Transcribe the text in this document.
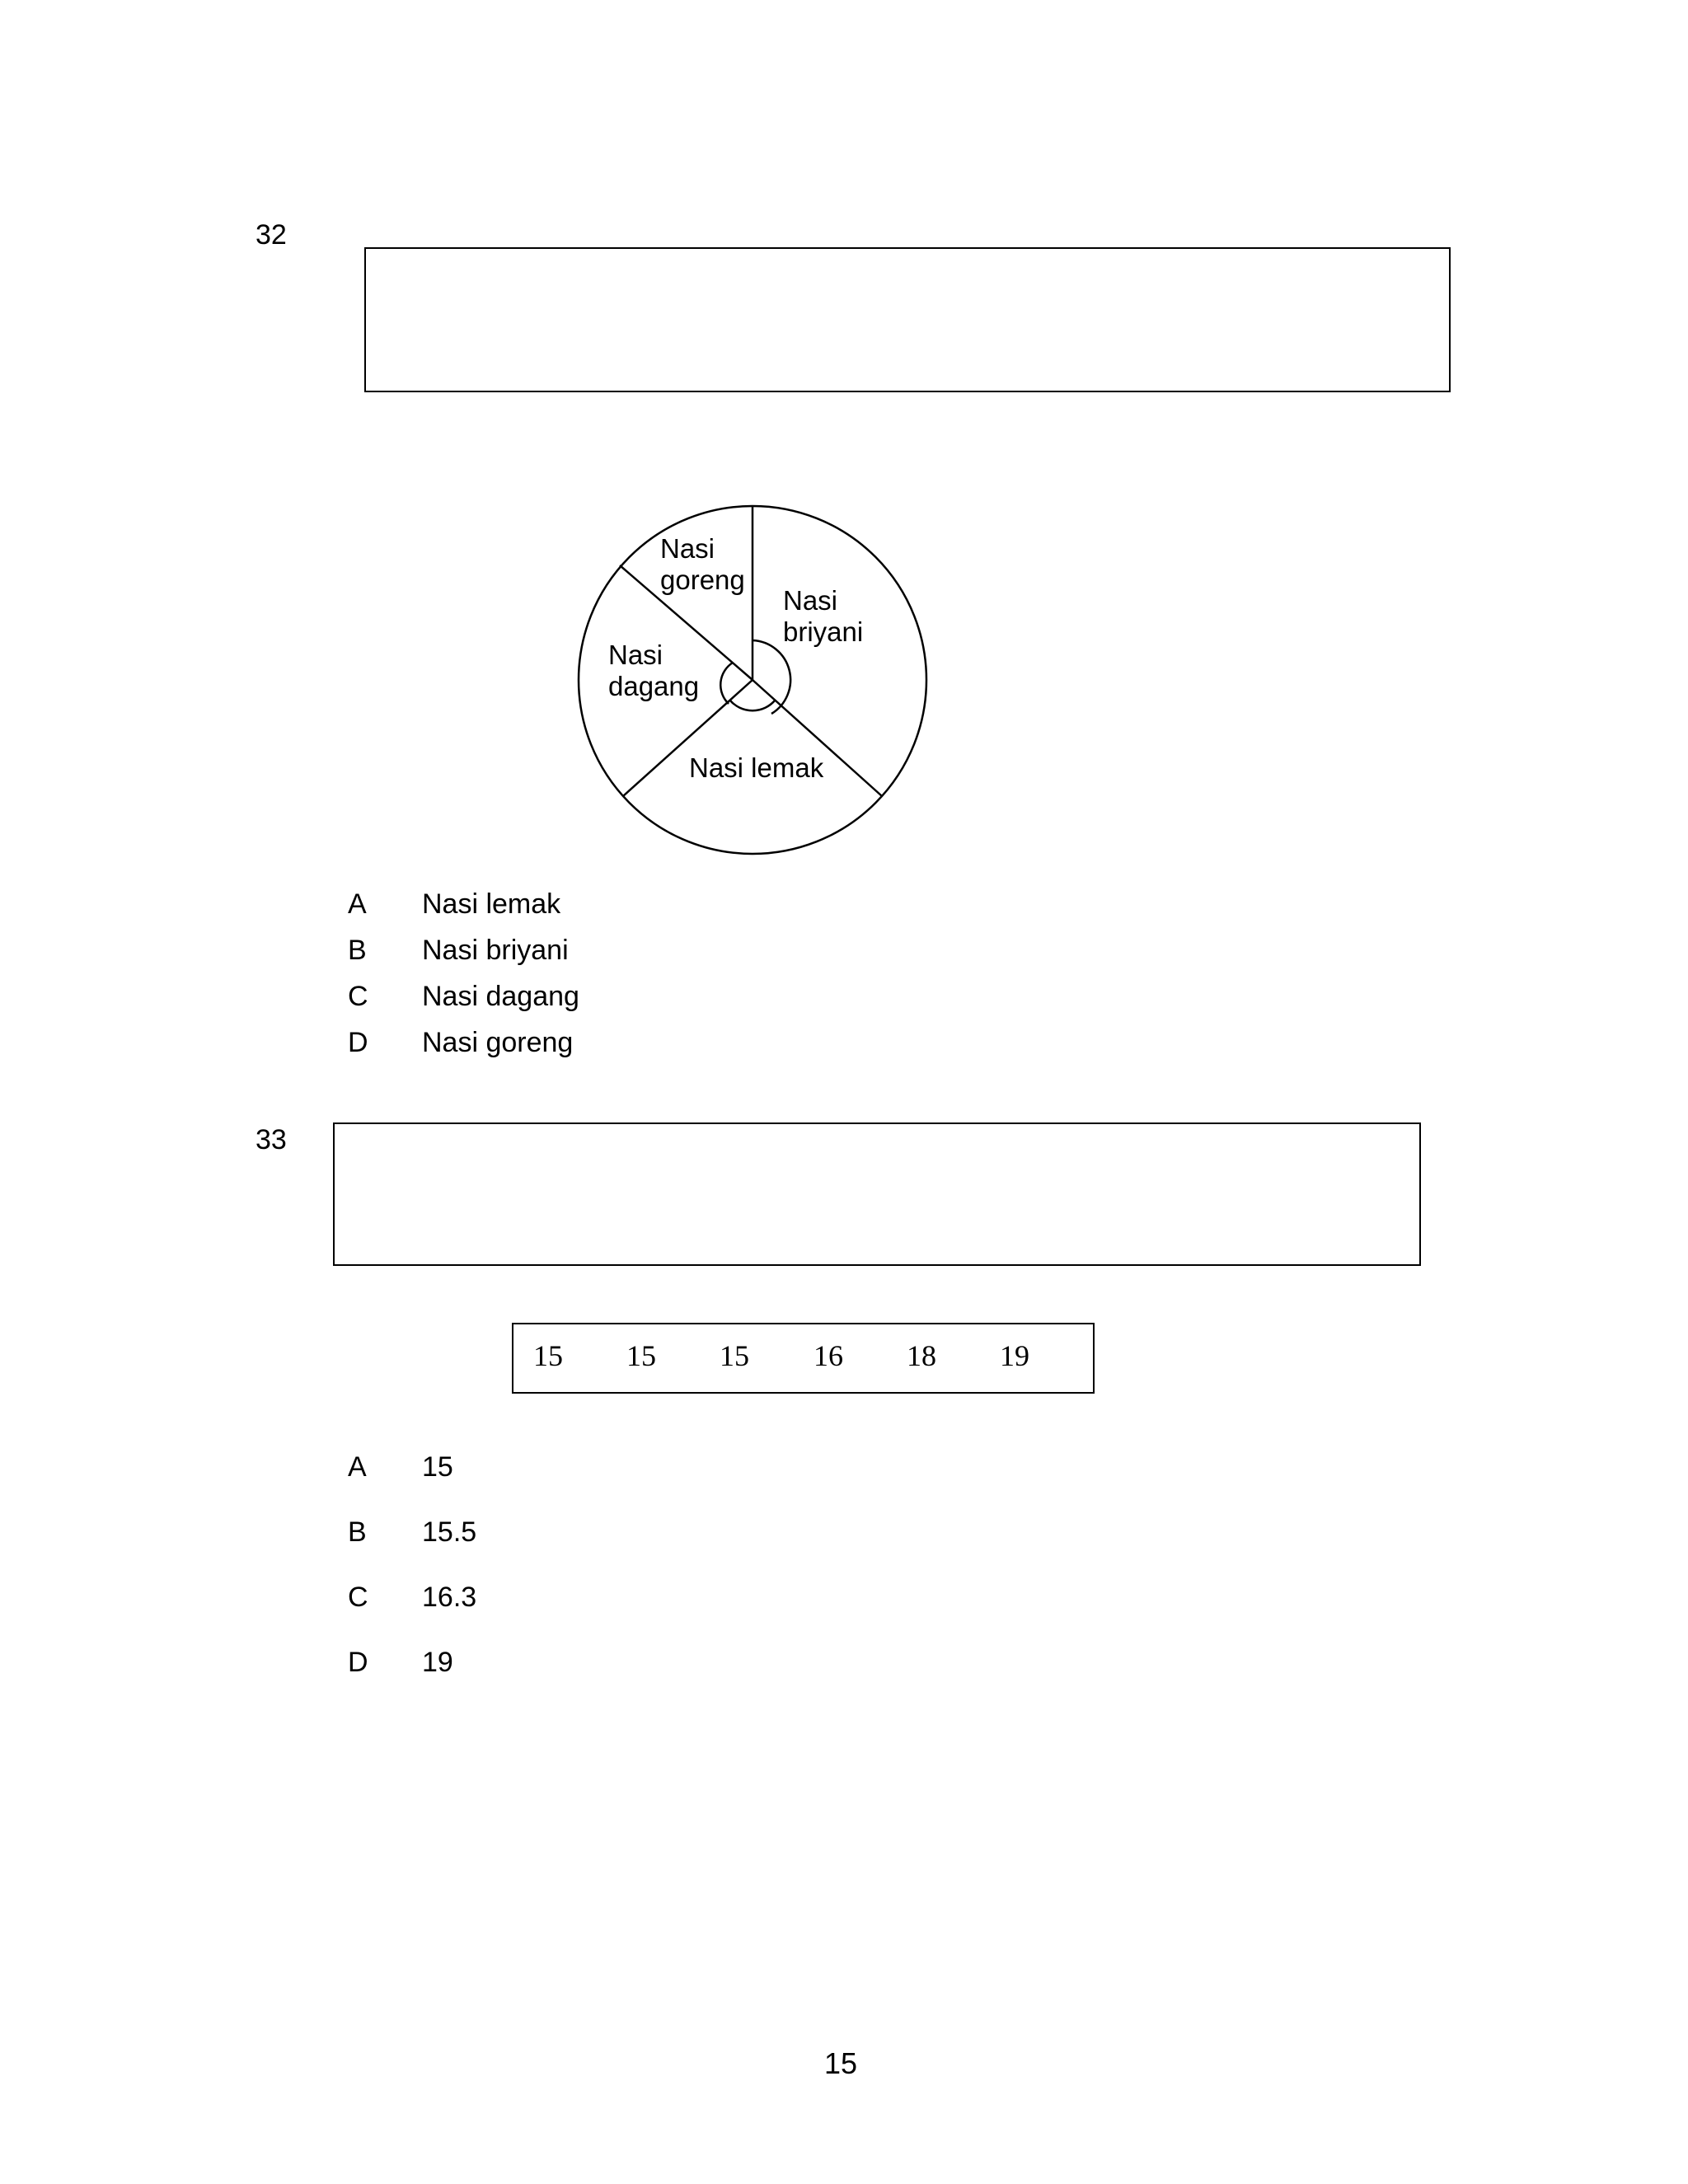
32
Nasi
goreng
Nasi
briyani
Nasi
dagang
Nasi lemak
A Nasi lemak
B Nasi briyani
C Nasi dagang
D Nasi goreng
33
15 15 15 16 18 19
A 15
B 15.5
C 16.3
D 19
15
